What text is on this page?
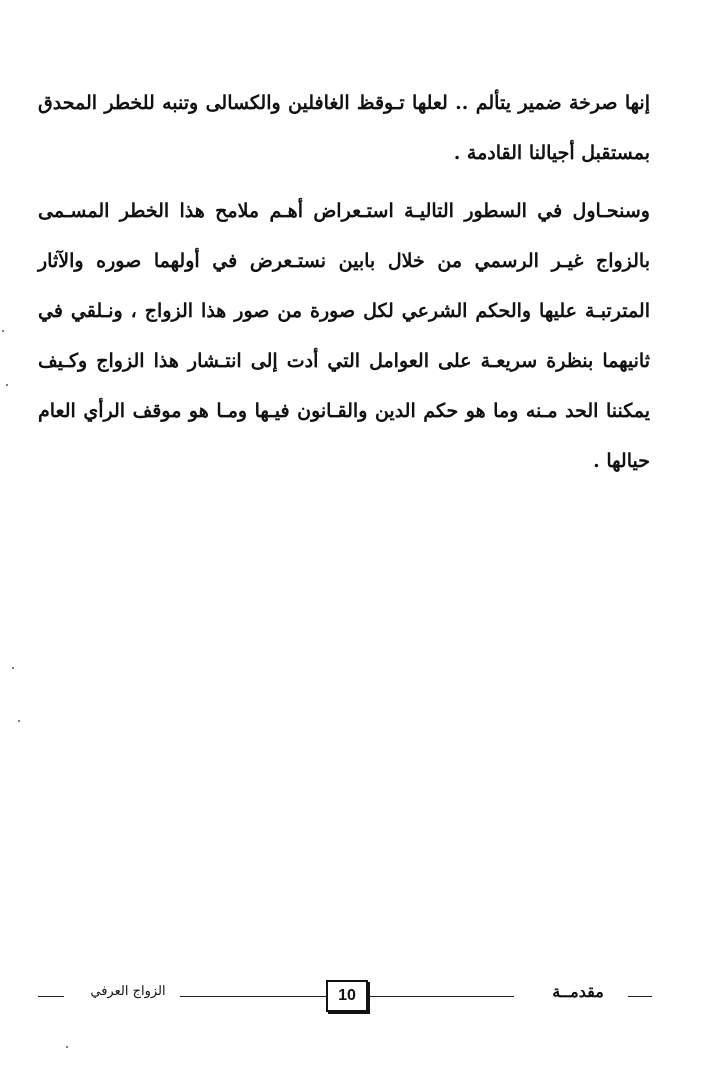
إنها صرخة ضمير يتألم .. لعلها تـوقظ الغافلين والكسالى وتنبه للخطر المحدق بمستقبل أجيالنا القادمة .

وسنحـاول في السطور التاليـة استـعراض أهـم ملامح هذا الخطر المسـمى بالزواج غيـر الرسمي من خلال بابين نستـعرض في أولهما صوره والآثار المترتبـة عليها والحكم الشرعي لكل صورة من صور هذا الزواج ، ونـلقي في ثانيهما بنظرة سريعـة على العوامل التي أدت إلى انتـشار هذا الزواج وكـيف يمكننا الحد مـنه وما هو حكم الدين والقـانون فيـها ومـا هو موقف الرأي العام حيالها .

مقدمــة
10
الزواج العرفي
